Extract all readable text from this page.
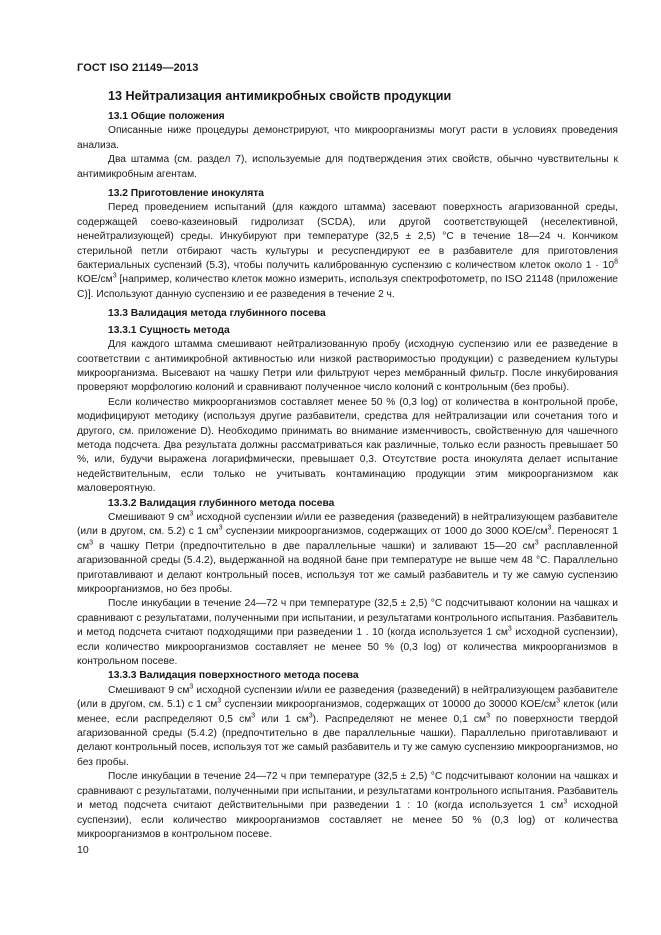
ГОСТ ISO 21149—2013
13 Нейтрализация антимикробных свойств продукции
13.1 Общие положения

Описанные ниже процедуры демонстрируют, что микроорганизмы могут расти в условиях проведения анализа.

Два штамма (см. раздел 7), используемые для подтверждения этих свойств, обычно чувствительны к антимикробным агентам.

13.2 Приготовление инокулята

Перед проведением испытаний (для каждого штамма) засевают поверхность агаризованной среды, содержащей соево-казеиновый гидролизат (SCDA), или другой соответствующей (неселективной, ненейтрализующей) среды. Инкубируют при температуре (32,5 ± 2,5) °С в течение 18—24 ч. Кончиком стерильной петли отбирают часть культуры и ресуспендируют ее в разбавителе для приготовления бактериальных суспензий (5.3), чтобы получить калиброванную суспензию с количеством клеток около $1 \cdot 10^8$ КОЕ/$см^3$ [например, количество клеток можно измерить, используя спектрофотометр, по ISO 21148 (приложение С)]. Используют данную суспензию и ее разведения в течение 2 ч.

13.3 Валидация метода глубинного посева
13.3.1 Сущность метода

Для каждого штамма смешивают нейтрализованную пробу (исходную суспензию или ее разведение в соответствии с антимикробной активностью или низкой растворимостью продукции) с разведением культуры микроорганизма. Высевают на чашку Петри или фильтруют через мембранный фильтр. После инкубирования проверяют морфологию колоний и сравнивают полученное число колоний с контрольным (без пробы).

Если количество микроорганизмов составляет менее 50 % (0,3 log) от количества в контрольной пробе, модифицируют методику (используя другие разбавители, средства для нейтрализации или сочетания того и другого, см. приложение D). Необходимо принимать во внимание изменчивость, свойственную для чашечного метода подсчета. Два результата должны рассматриваться как различные, только если разность превышает 50 %, или, будучи выражена логарифмически, превышает 0,3. Отсутствие роста инокулята делает испытание недействительным, если только не учитывать контаминацию продукции этим микроорганизмом как маловероятную.

13.3.2 Валидация глубинного метода посева

Смешивают 9 $см^3$ исходной суспензии и/или ее разведения (разведений) в нейтрализующем разбавителе (или в другом, см. 5.2) с 1 $см^3$ суспензии микроорганизмов, содержащих от 1000 до 3000 КОЕ/$см^3$. Переносят 1 $см^3$ в чашку Петри (предпочтительно в две параллельные чашки) и заливают 15—20 $см^3$ расплавленной агаризованной среды (5.4.2), выдержанной на водяной бане при температуре не выше чем 48 °С. Параллельно приготавливают и делают контрольный посев, используя тот же самый разбавитель и ту же самую суспензию микроорганизмов, но без пробы.

После инкубации в течение 24—72 ч при температуре (32,5 ± 2,5) °С подсчитывают колонии на чашках и сравнивают с результатами, полученными при испытании, и результатами контрольного испытания. Разбавитель и метод подсчета считают подходящими при разведении 1 . 10 (когда используется 1 $см^3$ исходной суспензии), если количество микроорганизмов составляет не менее 50 % (0,3 log) от количества микроорганизмов в контрольном посеве.

13.3.3 Валидация поверхностного метода посева

Смешивают 9 $см^3$ исходной суспензии и/или ее разведения (разведений) в нейтрализующем разбавителе (или в другом, см. 5.1) с 1 $см^3$ суспензии микроорганизмов, содержащих от 10000 до 30000 КОЕ/$см^3$ клеток (или менее, если распределяют 0,5 $см^3$ или 1 $см^3$). Распределяют не менее 0,1 $см^3$ по поверхности твердой агаризованной среды (5.4.2) (предпочтительно в две параллельные чашки). Параллельно приготавливают и делают контрольный посев, используя тот же самый разбавитель и ту же самую суспензию микроорганизмов, но без пробы.

После инкубации в течение 24—72 ч при температуре (32,5 ± 2,5) °С подсчитывают колонии на чашках и сравнивают с результатами, полученными при испытании, и результатами контрольного испытания. Разбавитель и метод подсчета считают действительными при разведении 1 : 10 (когда используется 1 $см^3$ исходной суспензии), если количество микроорганизмов составляет не менее 50 % (0,3 log) от количества микроорганизмов в контрольном посеве.

10
